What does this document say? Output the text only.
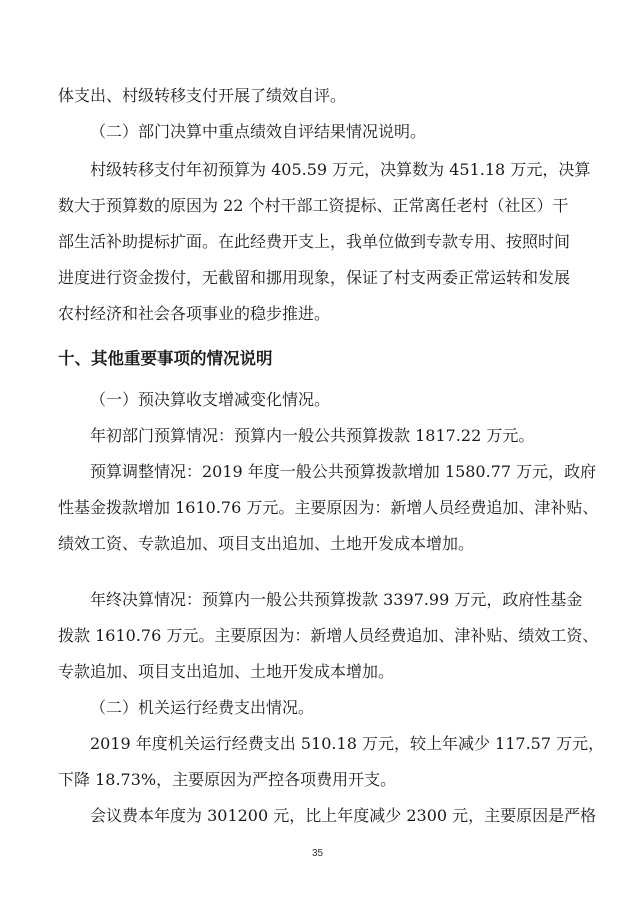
体支出、村级转移支付开展了绩效自评。
（二）部门决算中重点绩效自评结果情况说明。
村级转移支付年初预算为 405.59 万元，决算数为 451.18 万元，决算
数大于预算数的原因为 22 个村干部工资提标、正常离任老村（社区）干
部生活补助提标扩面。在此经费开支上，我单位做到专款专用、按照时间
进度进行资金拨付，无截留和挪用现象，保证了村支两委正常运转和发展
农村经济和社会各项事业的稳步推进。
十、其他重要事项的情况说明
（一）预决算收支增减变化情况。
年初部门预算情况：预算内一般公共预算拨款 1817.22 万元。
预算调整情况：2019 年度一般公共预算拨款增加 1580.77 万元，政府
性基金拨款增加 1610.76 万元。主要原因为：新增人员经费追加、津补贴、
绩效工资、专款追加、项目支出追加、土地开发成本增加。
年终决算情况：预算内一般公共预算拨款 3397.99 万元，政府性基金
拨款 1610.76 万元。主要原因为：新增人员经费追加、津补贴、绩效工资、
专款追加、项目支出追加、土地开发成本增加。
（二）机关运行经费支出情况。
2019 年度机关运行经费支出 510.18 万元，较上年减少 117.57 万元，
下降 18.73%，主要原因为严控各项费用开支。
会议费本年度为 301200 元，比上年度减少 2300 元，主要原因是严格
35
